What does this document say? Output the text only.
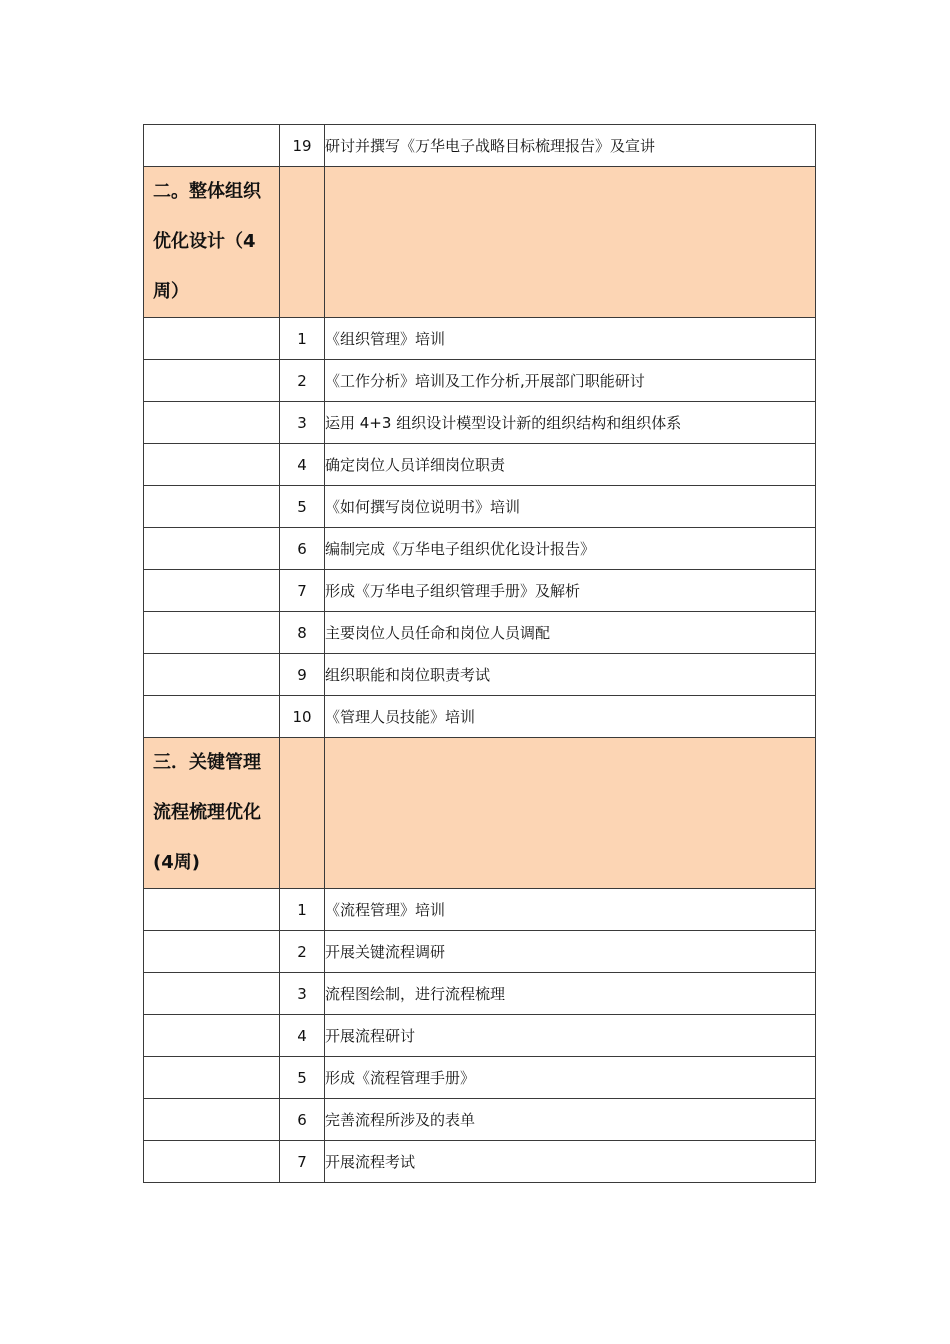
	19	研讨并撰写《万华电子战略目标梳理报告》及宣讲
二。整体组织优化设计（4周）		
	1	《组织管理》培训
	2	《工作分析》培训及工作分析,开展部门职能研讨
	3	运用 4+3 组织设计模型设计新的组织结构和组织体系
	4	确定岗位人员详细岗位职责
	5	《如何撰写岗位说明书》培训
	6	编制完成《万华电子组织优化设计报告》
	7	形成《万华电子组织管理手册》及解析
	8	主要岗位人员任命和岗位人员调配
	9	组织职能和岗位职责考试
	10	《管理人员技能》培训
三．关键管理流程梳理优化(4周)		
	1	《流程管理》培训
	2	开展关键流程调研
	3	流程图绘制，进行流程梳理
	4	开展流程研讨
	5	形成《流程管理手册》
	6	完善流程所涉及的表单
	7	开展流程考试
